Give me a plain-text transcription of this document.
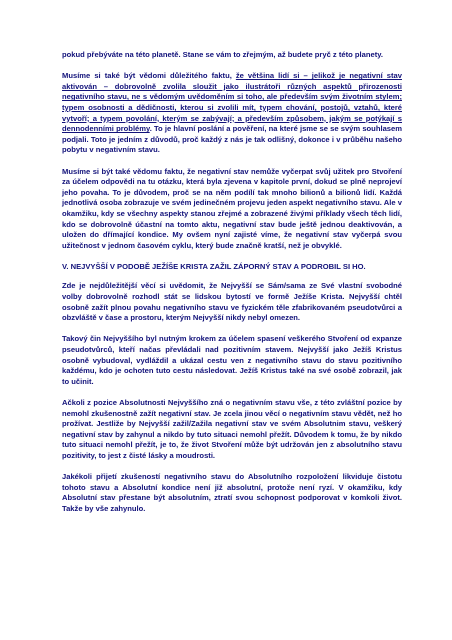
pokud přebýváte na této planetě. Stane se vám to zřejmým, až budete pryč z této planety.

Musíme si také být vědomi důležitého faktu, že většina lidí si – jelikož je negativní stav aktivován – dobrovolně zvolila sloužit jako ilustrátoři různých aspektů přirozenosti negativního stavu, ne s vědomým uvědoměním si toho, ale především svým životním stylem; typem osobnosti a dědičnosti, kterou si zvolili mít, typem chování, postojů, vztahů, které vytvoří; a typem povolání, kterým se zabývají; a především způsobem, jakým se potýkají s dennodenními problémy. To je hlavní poslání a pověření, na které jsme se se svým souhlasem podjali. Toto je jedním z důvodů, proč každý z nás je tak odlišný, dokonce i v průběhu našeho pobytu v negativním stavu.

Musíme si být také vědomu faktu, že negativní stav nemůže vyčerpat svůj užitek pro Stvoření za účelem odpovědi na tu otázku, která byla zjevena v kapitole první, dokud se plně neprojeví jeho povaha. To je důvodem, proč se na něm podílí tak mnoho bilionů a bilionů lidí. Každá jednotlivá osoba zobrazuje ve svém jedinečném projevu jeden aspekt negativního stavu. Ale v okamžiku, kdy se všechny aspekty stanou zřejmé a zobrazené živými příklady všech těch lidí, kdo se dobrovolně účastní na tomto aktu, negativní stav bude ještě jednou deaktivován, a uložen do dřímající kondice. My ovšem nyní zajisté víme, že negativní stav vyčerpá svou užitečnost v jednom časovém cyklu, který bude značně kratší, než je obvyklé.

V. NEJVYŠŠÍ V PODOBĚ JEŽÍŠE KRISTA ZAŽIL ZÁPORNÝ STAV A PODROBIL SI HO.

Zde je nejdůležitější věcí si uvědomit, že Nejvyšší se Sám/sama ze Své vlastní svobodné volby dobrovolně rozhodl stát se lidskou bytostí ve formě Ježíše Krista. Nejvyšší chtěl osobně zažít plnou povahu negativního stavu ve fyzickém těle zfabrikovaném pseudotvůrci a obzvláště v čase a prostoru, kterým Nejvyšší nikdy nebyl omezen.

Takový čin Nejvyššího byl nutným krokem za účelem spasení veškerého Stvoření od expanze pseudotvůrců, kteří načas převládali nad pozitivním stavem. Nejvyšší jako Ježíš Kristus osobně vybudoval, vydláždil a ukázal cestu ven z negativního stavu do stavu pozitivního každému, kdo je ochoten tuto cestu následovat. Ježíš Kristus také na své osobě zobrazil, jak to učinit.

Ačkoli z pozice Absolutnosti Nejvyššího zná o negativním stavu vše, z této zvláštní pozice by nemohl zkušenostně zažít negativní stav. Je zcela jinou věcí o negativním stavu vědět, než ho prožívat. Jestliže by Nejvyšší zažil/Zažila negativní stav ve svém Absolutnim stavu, veškerý negativní stav by zahynul a nikdo by tuto situaci nemohl přežít. Důvodem k tomu, že by nikdo tuto situaci nemohl přežít, je to, že život Stvoření může být udržován jen z absolutního stavu pozitivity, to jest z čisté lásky a moudrosti.

Jakékoli přijetí zkušeností negativního stavu do Absolutního rozpoložení likviduje čistotu tohoto stavu a Absolutní kondice není již absolutní, protože není ryzí. V okamžiku, kdy Absolutní stav přestane být absolutním, ztratí svou schopnost podporovat v komkoli život. Takže by vše zahynulo.
